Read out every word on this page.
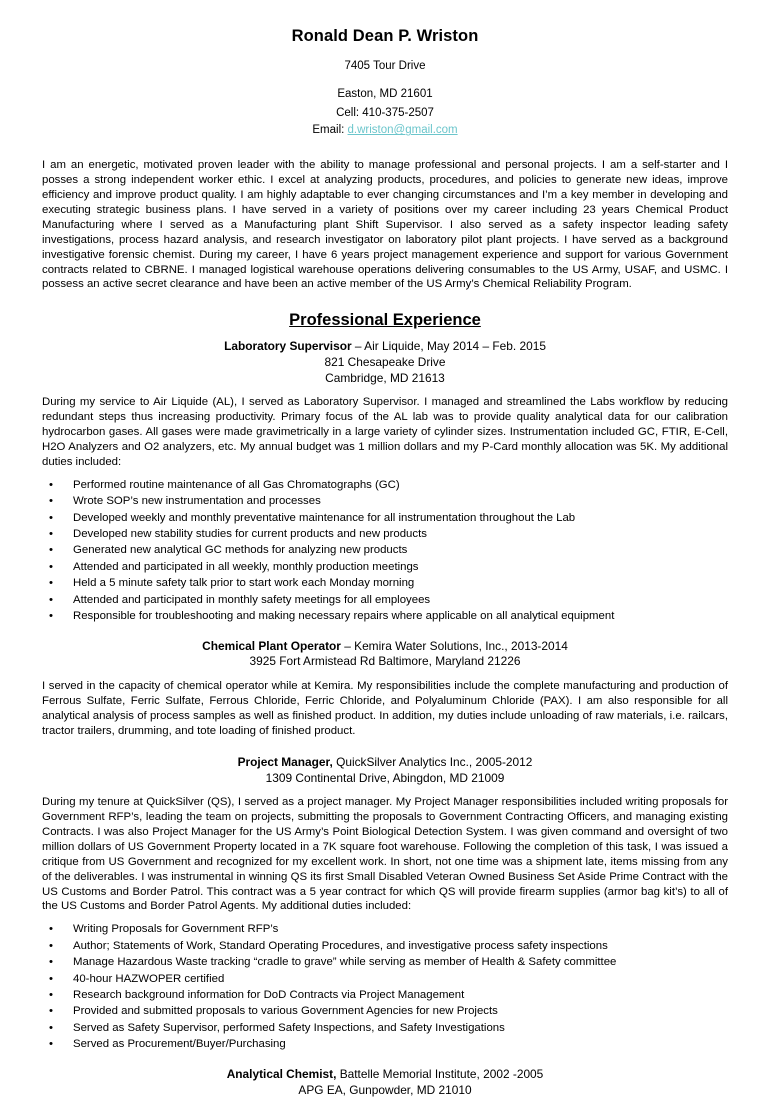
Ronald Dean P. Wriston

7405 Tour Drive

Easton, MD 21601

Cell: 410-375-2507

Email: d.wriston@gmail.com

I am an energetic, motivated proven leader with the ability to manage professional and personal projects. I am a self-starter and I posses a strong independent worker ethic. I excel at analyzing products, procedures, and policies to generate new ideas, improve efficiency and improve product quality. I am highly adaptable to ever changing circumstances and I’m a key member in developing and executing strategic business plans. I have served in a variety of positions over my career including 23 years Chemical Product Manufacturing where I served as a Manufacturing plant Shift Supervisor. I also served as a safety inspector leading safety investigations, process hazard analysis, and research investigator on laboratory pilot plant projects. I have served as a background investigative forensic chemist. During my career, I have 6 years project management experience and support for various Government contracts related to CBRNE. I managed logistical warehouse operations delivering consumables to the US Army, USAF, and USMC. I possess an active secret clearance and have been an active member of the US Army’s Chemical Reliability Program.

Professional Experience

Laboratory Supervisor – Air Liquide, May 2014 – Feb. 2015

821 Chesapeake Drive

Cambridge, MD 21613

During my service to Air Liquide (AL), I served as Laboratory Supervisor. I managed and streamlined the Labs workflow by reducing redundant steps thus increasing productivity. Primary focus of the AL lab was to provide quality analytical data for our calibration hydrocarbon gases. All gases were made gravimetrically in a large variety of cylinder sizes. Instrumentation included GC, FTIR, E-Cell, H2O Analyzers and O2 analyzers, etc. My annual budget was 1 million dollars and my P-Card monthly allocation was 5K. My additional duties included:

• Performed routine maintenance of all Gas Chromatographs (GC)
• Wrote SOP’s new instrumentation and processes
• Developed weekly and monthly preventative maintenance for all instrumentation throughout the Lab
• Developed new stability studies for current products and new products
• Generated new analytical GC methods for analyzing new products
• Attended and participated in all weekly, monthly production meetings
• Held a 5 minute safety talk prior to start work each Monday morning
• Attended and participated in monthly safety meetings for all employees
• Responsible for troubleshooting and making necessary repairs where applicable on all analytical equipment

Chemical Plant Operator – Kemira Water Solutions, Inc., 2013-2014

3925 Fort Armistead Rd Baltimore, Maryland 21226

I served in the capacity of chemical operator while at Kemira. My responsibilities include the complete manufacturing and production of Ferrous Sulfate, Ferric Sulfate, Ferrous Chloride, Ferric Chloride, and Polyaluminum Chloride (PAX). I am also responsible for all analytical analysis of process samples as well as finished product. In addition, my duties include unloading of raw materials, i.e. railcars, tractor trailers, drumming, and tote loading of finished product.

Project Manager, QuickSilver Analytics Inc., 2005-2012

1309 Continental Drive, Abingdon, MD 21009

During my tenure at QuickSilver (QS), I served as a project manager. My Project Manager responsibilities included writing proposals for Government RFP’s, leading the team on projects, submitting the proposals to Government Contracting Officers, and managing existing Contracts. I was also Project Manager for the US Army’s Point Biological Detection System. I was given command and oversight of two million dollars of US Government Property located in a 7K square foot warehouse. Following the completion of this task, I was issued a critique from US Government and recognized for my excellent work. In short, not one time was a shipment late, items missing from any of the deliverables. I was instrumental in winning QS its first Small Disabled Veteran Owned Business Set Aside Prime Contract with the US Customs and Border Patrol. This contract was a 5 year contract for which QS will provide firearm supplies (armor bag kit’s) to all of the US Customs and Border Patrol Agents. My additional duties included:

• Writing Proposals for Government RFP’s
• Author; Statements of Work, Standard Operating Procedures, and investigative process safety inspections
• Manage Hazardous Waste tracking “cradle to grave” while serving as member of Health & Safety committee
• 40-hour HAZWOPER certified
• Research background information for DoD Contracts via Project Management
• Provided and submitted proposals to various Government Agencies for new Projects
• Served as Safety Supervisor, performed Safety Inspections, and Safety Investigations
• Served as Procurement/Buyer/Purchasing

Analytical Chemist, Battelle Memorial Institute, 2002 -2005

APG EA, Gunpowder, MD 21010
